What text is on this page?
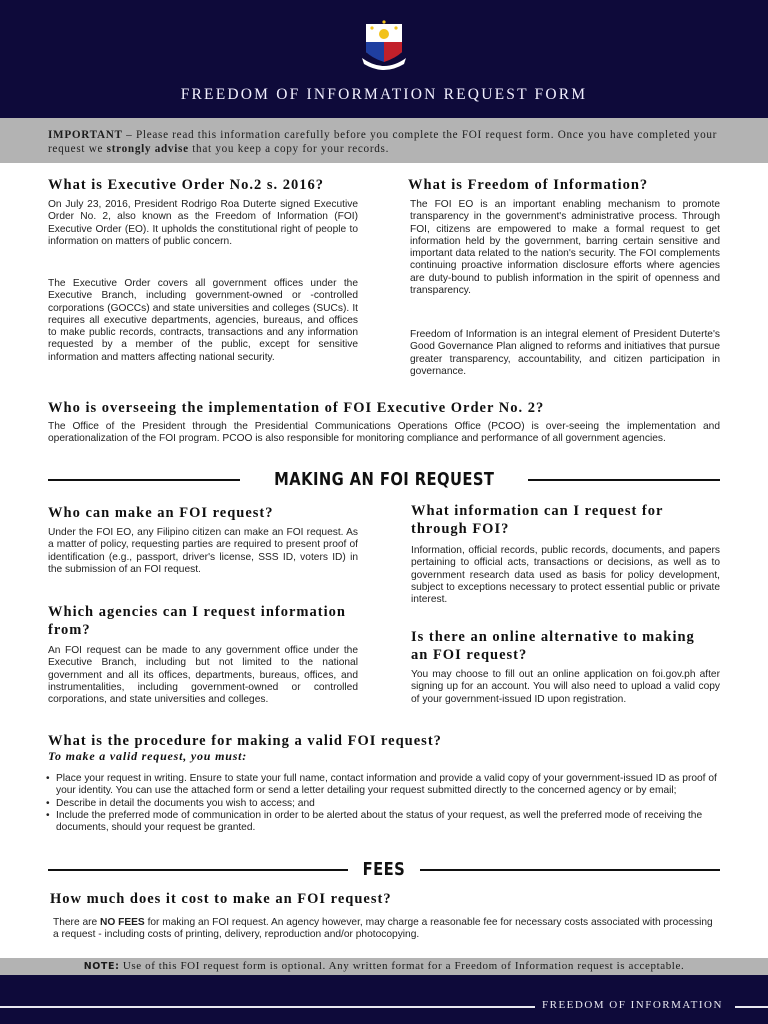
FREEDOM OF INFORMATION REQUEST FORM
IMPORTANT – Please read this information carefully before you complete the FOI request form. Once you have completed your request we strongly advise that you keep a copy for your records.
What is Executive Order No.2 s. 2016?
On July 23, 2016, President Rodrigo Roa Duterte signed Executive Order No. 2, also known as the Freedom of Information (FOI) Executive Order (EO). It upholds the constitutional right of people to information on matters of public concern.
The Executive Order covers all government offices under the Executive Branch, including government-owned or -controlled corporations (GOCCs) and state universities and colleges (SUCs). It requires all executive departments, agencies, bureaus, and offices to make public records, contracts, transactions and any information requested by a member of the public, except for sensitive information and matters affecting national security.
What is Freedom of Information?
The FOI EO is an important enabling mechanism to promote transparency in the government's administrative process. Through FOI, citizens are empowered to make a formal request to get information held by the government, barring certain sensitive and important data related to the nation's security. The FOI complements continuing proactive information disclosure efforts where agencies are duty-bound to publish information in the spirit of openness and transparency.
Freedom of Information is an integral element of President Duterte's Good Governance Plan aligned to reforms and initiatives that pursue greater transparency, accountability, and citizen participation in governance.
Who is overseeing the implementation of FOI Executive Order No. 2?
The Office of the President through the Presidential Communications Operations Office (PCOO) is over-seeing the implementation and operationalization of the FOI program. PCOO is also responsible for monitoring compliance and performance of all government agencies.
MAKING AN FOI REQUEST
Who can make an FOI request?
Under the FOI EO, any Filipino citizen can make an FOI request. As a matter of policy, requesting parties are required to present proof of identification (e.g., passport, driver's license, SSS ID, voters ID) in the submission of an FOI request.
Which agencies can I request information from?
An FOI request can be made to any government office under the Executive Branch, including but not limited to the national government and all its offices, departments, bureaus, offices, and instrumentalities, including government-owned or controlled corporations, and state universities and colleges.
What information can I request for through FOI?
Information, official records, public records, documents, and papers pertaining to official acts, transactions or decisions, as well as to government research data used as basis for policy development, subject to exceptions necessary to protect essential public or private interest.
Is there an online alternative to making an FOI request?
You may choose to fill out an online application on foi.gov.ph after signing up for an account. You will also need to upload a valid copy of your government-issued ID upon registration.
What is the procedure for making a valid FOI request?
To make a valid request, you must:
• Place your request in writing. Ensure to state your full name, contact information and provide a valid copy of your government-issued ID as proof of your identity. You can use the attached form or send a letter detailing your request submitted directly to the concerned agency or by email;
• Describe in detail the documents you wish to access; and
• Include the preferred mode of communication in order to be alerted about the status of your request, as well the preferred mode of receiving the documents, should your request be granted.
FEES
How much does it cost to make an FOI request?
There are NO FEES for making an FOI request. An agency however, may charge a reasonable fee for necessary costs associated with processing a request - including costs of printing, delivery, reproduction and/or photocopying.
NOTE: Use of this FOI request form is optional. Any written format for a Freedom of Information request is acceptable.
FREEDOM OF INFORMATION
